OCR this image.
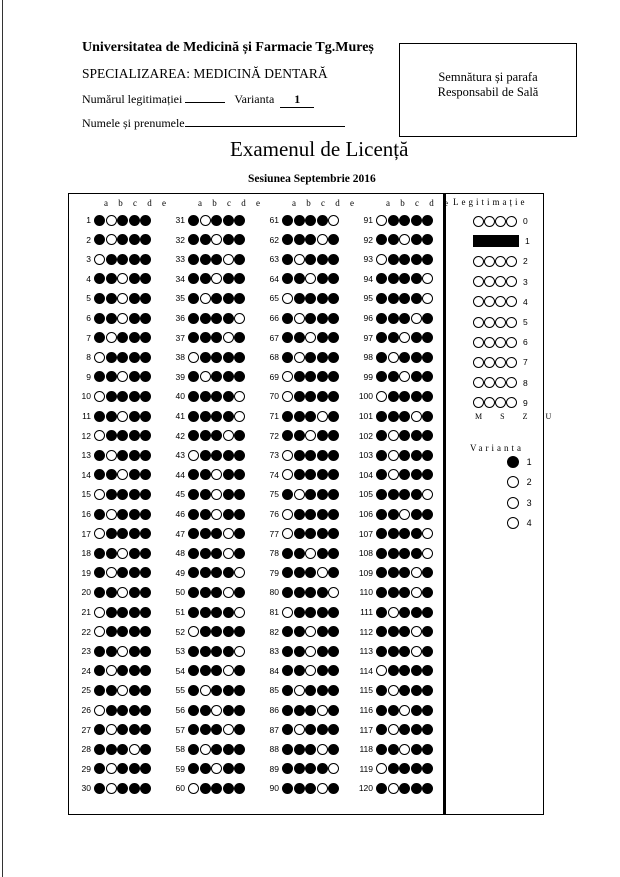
Universitatea de Medicină și Farmacie Tg.Mureș
SPECIALIZAREA: MEDICINĂ DENTARĂ
Numărul legitimației	Varianta 1
Numele și prenumele
Semnătura și parafa
Responsabil de Sală
Examenul de Licență
Sesiunea Septembrie 2016
Legitimație
M S Z U
Varianta
a b c d e
1
2
3
4
5
6
7
8
9
10
11
12
13
14
15
16
17
18
19
20
21
22
23
24
25
26
27
28
29
30
a b c d e
31
32
33
34
35
36
37
38
39
40
41
42
43
44
45
46
47
48
49
50
51
52
53
54
55
56
57
58
59
60
a b c d e
61
62
63
64
65
66
67
68
69
70
71
72
73
74
75
76
77
78
79
80
81
82
83
84
85
86
87
88
89
90
a b c d e
91
92
93
94
95
96
97
98
99
100
101
102
103
104
105
106
107
108
109
110
111
112
113
114
115
116
117
118
119
120
0
1
2
3
4
5
6
7
8
9
1
2
3
4
